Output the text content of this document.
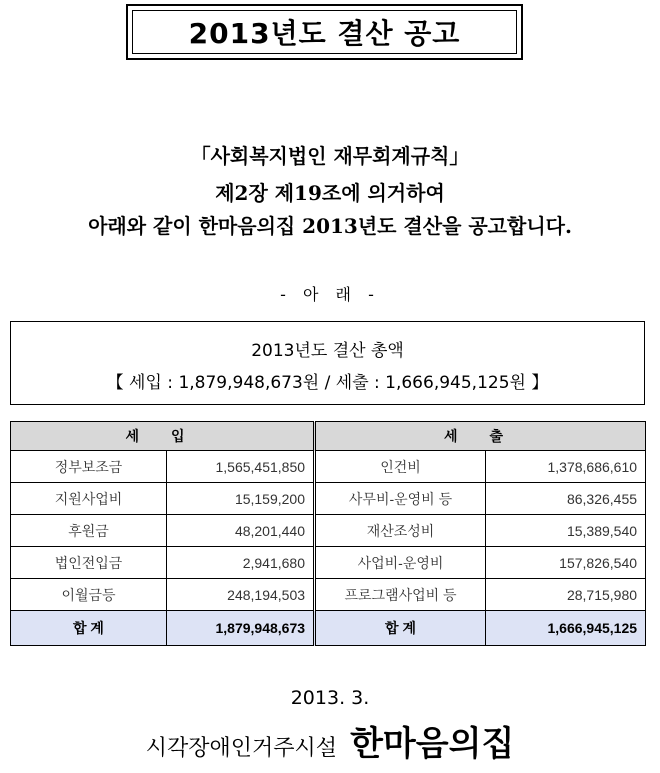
2013년도 결산 공고
「사회복지법인 재무회계규칙」
제2장 제19조에 의거하여
아래와 같이 한마음의집 2013년도 결산을 공고합니다.
- 아 래 -
2013년도 결산 총액
【 세입 : 1,879,948,673원 / 세출 : 1,666,945,125원 】
세 입		세 출	
정부보조금	1,565,451,850	인건비	1,378,686,610
지원사업비	15,159,200	사무비-운영비 등	86,326,455
후원금	48,201,440	재산조성비	15,389,540
법인전입금	2,941,680	사업비-운영비	157,826,540
이월금등	248,194,503	프로그램사업비 등	28,715,980
합 계	1,879,948,673	합 계	1,666,945,125
2013. 3.
시각장애인거주시설 한마음의집
